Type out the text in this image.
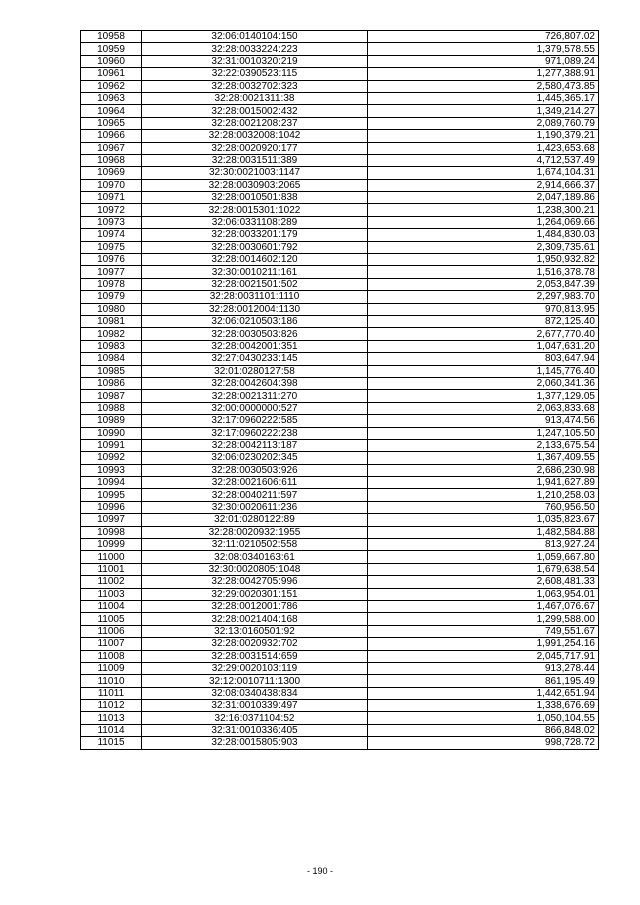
10958	32:06:0140104:150	726,807.02
10959	32:28:0033224:223	1,379,578.55
10960	32:31:0010320:219	971,089.24
10961	32:22:0390523:115	1,277,388.91
10962	32:28:0032702:323	2,580,473.85
10963	32:28:0021311:38	1,445,365.17
10964	32:28:0015002:432	1,349,214.27
10965	32:28:0021208:237	2,089,760.79
10966	32:28:0032008:1042	1,190,379.21
10967	32:28:0020920:177	1,423,653.68
10968	32:28:0031511:389	4,712,537.49
10969	32:30:0021003:1147	1,674,104.31
10970	32:28:0030903:2065	2,914,666.37
10971	32:28:0010501:838	2,047,189.86
10972	32:28:0015301:1022	1,238,300.21
10973	32:06:0331108:289	1,264,069.66
10974	32:28:0033201:179	1,484,830.03
10975	32:28:0030601:792	2,309,735.61
10976	32:28:0014602:120	1,950,932.82
10977	32:30:0010211:161	1,516,378.78
10978	32:28:0021501:502	2,053,847.39
10979	32:28:0031101:1110	2,297,983.70
10980	32:28:0012004:1130	970,813.95
10981	32:06:0210503:186	872,125.40
10982	32:28:0030503:826	2,677,770.40
10983	32:28:0042001:351	1,047,631.20
10984	32:27:0430233:145	803,647.94
10985	32:01:0280127:58	1,145,776.40
10986	32:28:0042604:398	2,060,341.36
10987	32:28:0021311:270	1,377,129.05
10988	32:00:0000000:527	2,063,833.68
10989	32:17:0960222:585	913,474.56
10990	32:17:0960222:238	1,247,105.50
10991	32:28:0042113:187	2,133,675.54
10992	32:06:0230202:345	1,367,409.55
10993	32:28:0030503:926	2,686,230.98
10994	32:28:0021606:611	1,941,627.89
10995	32:28:0040211:597	1,210,258.03
10996	32:30:0020611:236	760,956.50
10997	32:01:0280122:89	1,035,823.67
10998	32:28:0020932:1955	1,482,584.88
10999	32:11:0210502:558	813,927.24
11000	32:08:0340163:61	1,059,667.80
11001	32:30:0020805:1048	1,679,638.54
11002	32:28:0042705:996	2,608,481.33
11003	32:29:0020301:151	1,063,954.01
11004	32:28:0012001:786	1,467,076.67
11005	32:28:0021404:168	1,299,588.00
11006	32:13:0160501:92	749,551.67
11007	32:28:0020932:702	1,991,254.16
11008	32:28:0031514:659	2,045,717.91
11009	32:29:0020103:119	913,278.44
11010	32:12:0010711:1300	861,195.49
11011	32:08:0340438:834	1,442,651.94
11012	32:31:0010339:497	1,338,676.69
11013	32:16:0371104:52	1,050,104.55
11014	32:31:0010336:405	866,848.02
11015	32:28:0015805:903	998,728.72
- 190 -
